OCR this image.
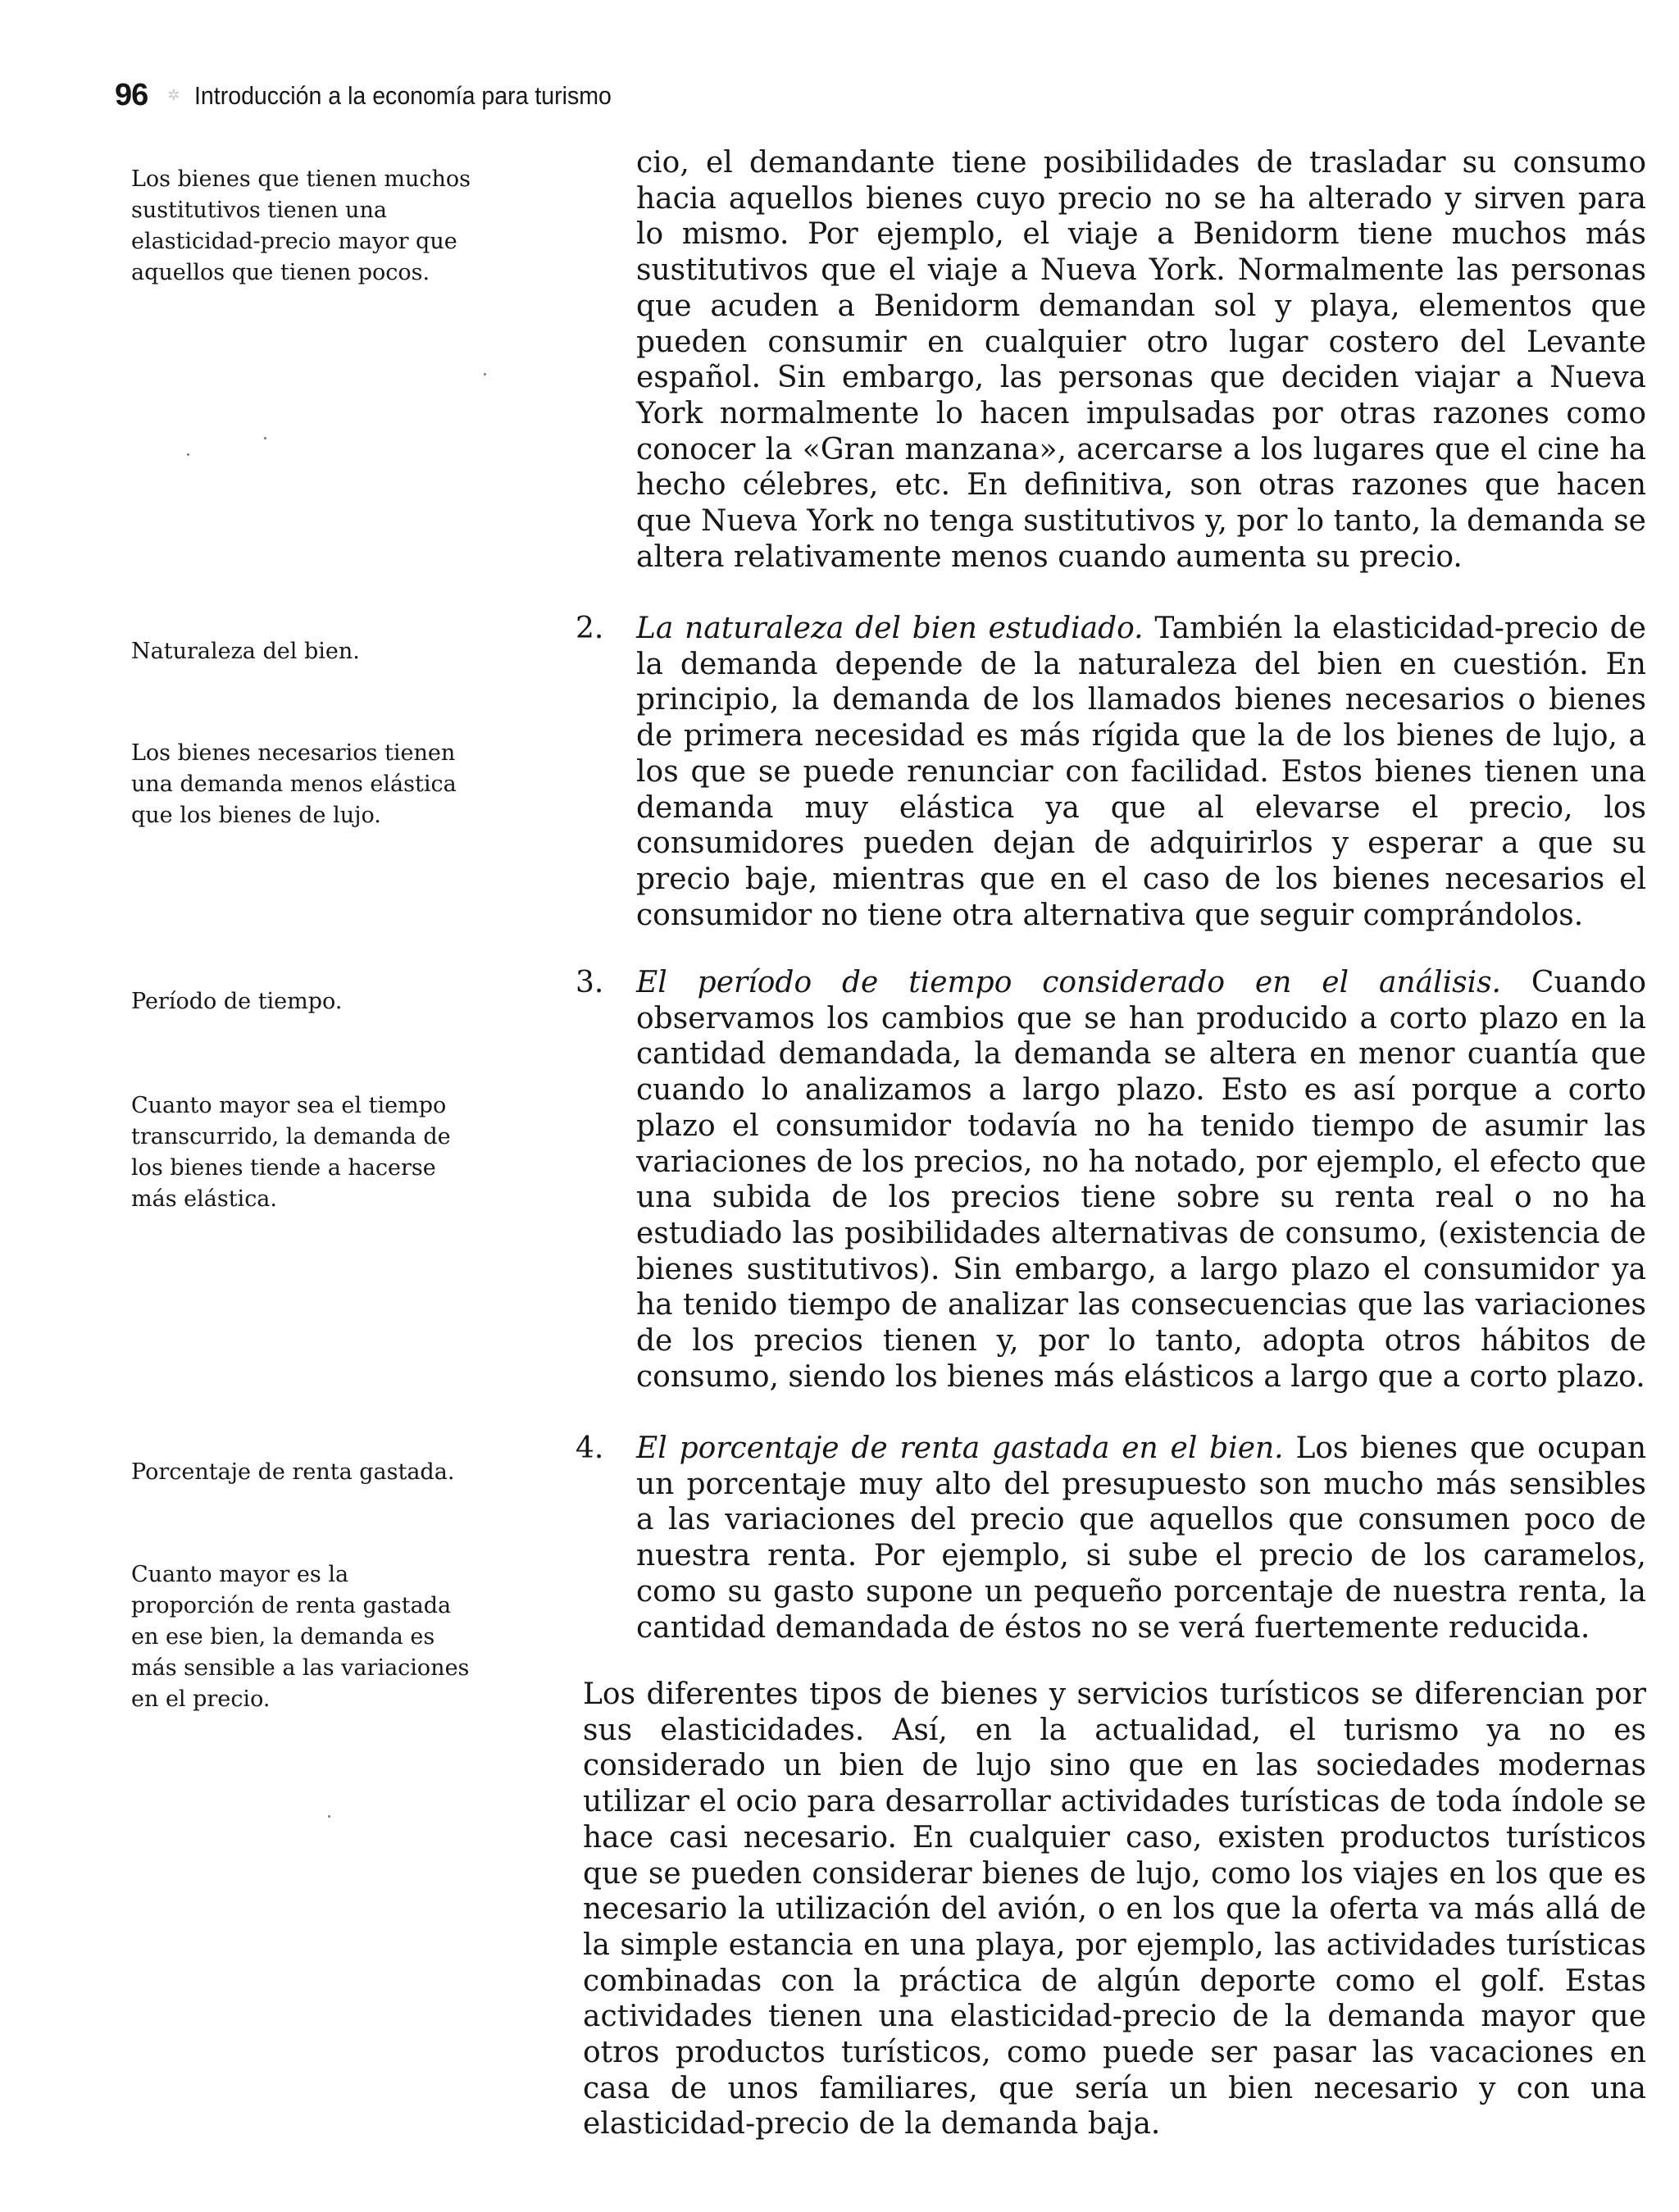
96 ✲ Introducción a la economía para turismo

Los bienes que tienen muchos sustitutivos tienen una elasticidad-precio mayor que aquellos que tienen pocos.

Naturaleza del bien.

Los bienes necesarios tienen una demanda menos elástica que los bienes de lujo.

Período de tiempo.

Cuanto mayor sea el tiempo transcurrido, la demanda de los bienes tiende a hacerse más elástica.

Porcentaje de renta gastada.

Cuanto mayor es la proporción de renta gastada en ese bien, la demanda es más sensible a las variaciones en el precio.

cio, el demandante tiene posibilidades de trasladar su consumo hacia aquellos bienes cuyo precio no se ha alterado y sirven para lo mismo. Por ejemplo, el viaje a Benidorm tiene muchos más sustitutivos que el viaje a Nueva York. Normalmente las personas que acuden a Benidorm demandan sol y playa, elementos que pueden consumir en cualquier otro lugar costero del Levante español. Sin embargo, las personas que deciden viajar a Nueva York normalmente lo hacen impulsadas por otras razones como conocer la «Gran manzana», acercarse a los lugares que el cine ha hecho célebres, etc. En definitiva, son otras razones que hacen que Nueva York no tenga sustitutivos y, por lo tanto, la demanda se altera relativamente menos cuando aumenta su precio.

2.	La naturaleza del bien estudiado. También la elasticidad-precio de la demanda depende de la naturaleza del bien en cuestión. En principio, la demanda de los llamados bienes necesarios o bienes de primera necesidad es más rígida que la de los bienes de lujo, a los que se puede renunciar con facilidad. Estos bienes tienen una demanda muy elástica ya que al elevarse el precio, los consumidores pueden dejan de adquirirlos y esperar a que su precio baje, mientras que en el caso de los bienes necesarios el consumidor no tiene otra alternativa que seguir comprándolos.

3.	El período de tiempo considerado en el análisis. Cuando observamos los cambios que se han producido a corto plazo en la cantidad demandada, la demanda se altera en menor cuantía que cuando lo analizamos a largo plazo. Esto es así porque a corto plazo el consumidor todavía no ha tenido tiempo de asumir las variaciones de los precios, no ha notado, por ejemplo, el efecto que una subida de los precios tiene sobre su renta real o no ha estudiado las posibilidades alternativas de consumo, (existencia de bienes sustitutivos). Sin embargo, a largo plazo el consumidor ya ha tenido tiempo de analizar las consecuencias que las variaciones de los precios tienen y, por lo tanto, adopta otros hábitos de consumo, siendo los bienes más elásticos a largo que a corto plazo.

4.	El porcentaje de renta gastada en el bien. Los bienes que ocupan un porcentaje muy alto del presupuesto son mucho más sensibles a las variaciones del precio que aquellos que consumen poco de nuestra renta. Por ejemplo, si sube el precio de los caramelos, como su gasto supone un pequeño porcentaje de nuestra renta, la cantidad demandada de éstos no se verá fuertemente reducida.

Los diferentes tipos de bienes y servicios turísticos se diferencian por sus elasticidades. Así, en la actualidad, el turismo ya no es considerado un bien de lujo sino que en las sociedades modernas utilizar el ocio para desarrollar actividades turísticas de toda índole se hace casi necesario. En cualquier caso, existen productos turísticos que se pueden considerar bienes de lujo, como los viajes en los que es necesario la utilización del avión, o en los que la oferta va más allá de la simple estancia en una playa, por ejemplo, las actividades turísticas combinadas con la práctica de algún deporte como el golf. Estas actividades tienen una elasticidad-precio de la demanda mayor que otros productos turísticos, como puede ser pasar las vacaciones en casa de unos familiares, que sería un bien necesario y con una elasticidad-precio de la demanda baja.
